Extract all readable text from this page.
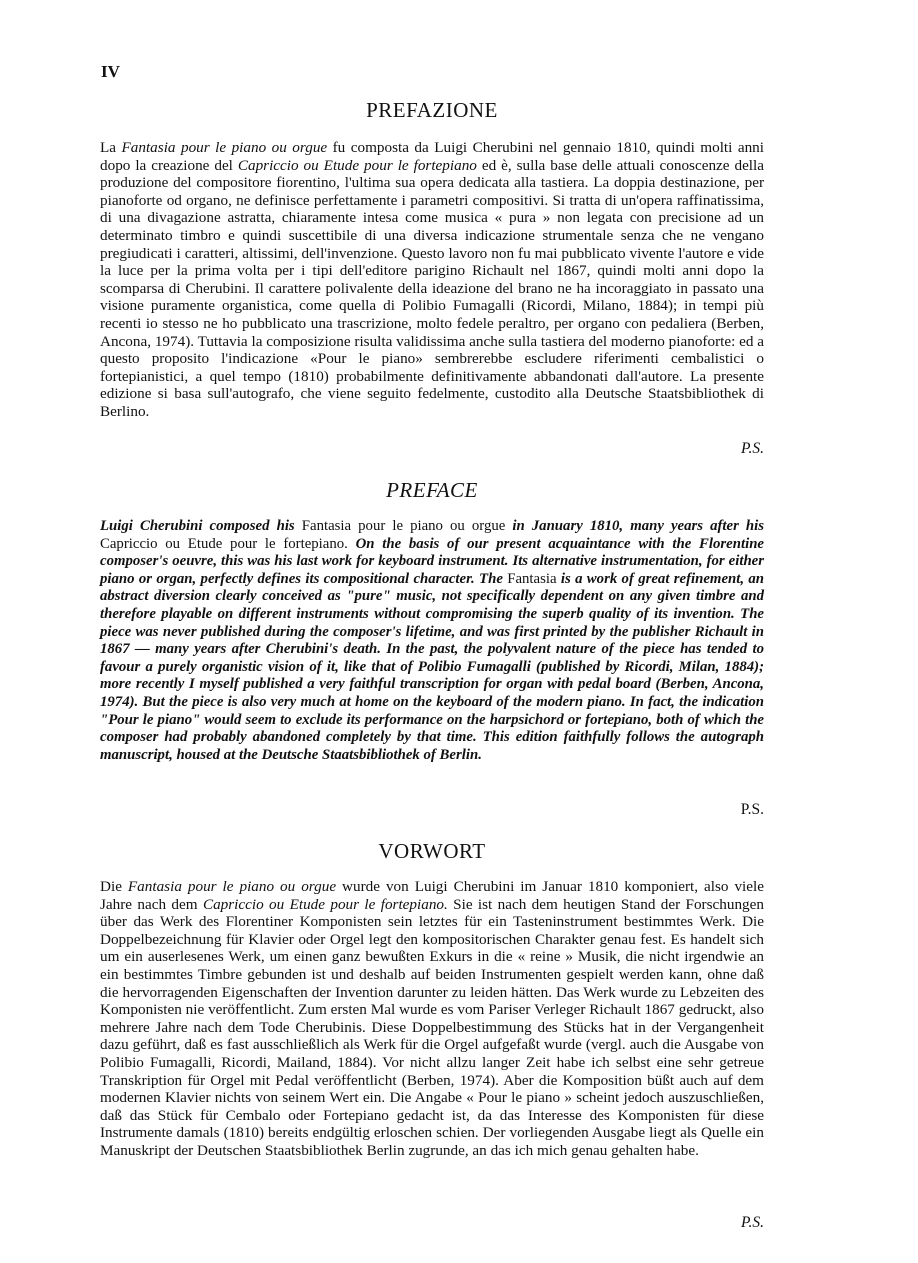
IV
PREFAZIONE

La Fantasia pour le piano ou orgue fu composta da Luigi Cherubini nel gennaio 1810, quindi molti anni dopo la creazione del Capriccio ou Etude pour le fortepiano ed è, sulla base delle attuali conoscenze della produzione del compositore fiorentino, l'ultima sua opera dedicata alla tastiera. La doppia destinazione, per pianoforte od organo, ne definisce perfettamente i parametri compositivi. Si tratta di un'opera raffinatissima, di una divagazione astratta, chiaramente intesa come musica « pura » non legata con precisione ad un determinato timbro e quindi suscettibile di una diversa indicazione strumentale senza che ne vengano pregiudicati i caratteri, altissimi, dell'invenzione. Questo lavoro non fu mai pubblicato vivente l'autore e vide la luce per la prima volta per i tipi dell'editore parigino Richault nel 1867, quindi molti anni dopo la scomparsa di Cherubini. Il carattere polivalente della ideazione del brano ne ha incoraggiato in passato una visione puramente organistica, come quella di Polibio Fumagalli (Ricordi, Milano, 1884); in tempi più recenti io stesso ne ho pubblicato una trascrizione, molto fedele peraltro, per organo con pedaliera (Berben, Ancona, 1974). Tuttavia la composizione risulta validissima anche sulla tastiera del moderno pianoforte: ed a questo proposito l'indicazione «Pour le piano» sembrerebbe escludere riferimenti cembalistici o fortepianistici, a quel tempo (1810) probabilmente definitivamente abbandonati dall'autore. La presente edizione si basa sull'autografo, che viene seguito fedelmente, custodito alla Deutsche Staatsbibliothek di Berlino.

P.S.
PREFACE

Luigi Cherubini composed his Fantasia pour le piano ou orgue in January 1810, many years after his Capriccio ou Etude pour le fortepiano. On the basis of our present acquaintance with the Florentine composer's oeuvre, this was his last work for keyboard instrument. Its alternative instrumentation, for either piano or organ, perfectly defines its compositional character. The Fantasia is a work of great refinement, an abstract diversion clearly conceived as "pure" music, not specifically dependent on any given timbre and therefore playable on different instruments without compromising the superb quality of its invention. The piece was never published during the composer's lifetime, and was first printed by the publisher Richault in 1867 — many years after Cherubini's death. In the past, the polyvalent nature of the piece has tended to favour a purely organistic vision of it, like that of Polibio Fumagalli (published by Ricordi, Milan, 1884); more recently I myself published a very faithful transcription for organ with pedal board (Berben, Ancona, 1974). But the piece is also very much at home on the keyboard of the modern piano. In fact, the indication "Pour le piano" would seem to exclude its performance on the harpsichord or fortepiano, both of which the composer had probably abandoned completely by that time. This edition faithfully follows the autograph manuscript, housed at the Deutsche Staatsbibliothek of Berlin.

P.S.
VORWORT

Die Fantasia pour le piano ou orgue wurde von Luigi Cherubini im Januar 1810 komponiert, also viele Jahre nach dem Capriccio ou Etude pour le fortepiano. Sie ist nach dem heutigen Stand der Forschungen über das Werk des Florentiner Komponisten sein letztes für ein Tasteninstrument bestimmtes Werk. Die Doppelbezeichnung für Klavier oder Orgel legt den kompositorischen Charakter genau fest. Es handelt sich um ein auserlesenes Werk, um einen ganz bewußten Exkurs in die « reine » Musik, die nicht irgendwie an ein bestimmtes Timbre gebunden ist und deshalb auf beiden Instrumenten gespielt werden kann, ohne daß die hervorragenden Eigenschaften der Invention darunter zu leiden hätten. Das Werk wurde zu Lebzeiten des Komponisten nie veröffentlicht. Zum ersten Mal wurde es vom Pariser Verleger Richault 1867 gedruckt, also mehrere Jahre nach dem Tode Cherubinis. Diese Doppelbestimmung des Stücks hat in der Vergangenheit dazu geführt, daß es fast ausschließlich als Werk für die Orgel aufgefaßt wurde (vergl. auch die Ausgabe von Polibio Fumagalli, Ricordi, Mailand, 1884). Vor nicht allzu langer Zeit habe ich selbst eine sehr getreue Transkription für Orgel mit Pedal veröffentlicht (Berben, 1974). Aber die Komposition büßt auch auf dem modernen Klavier nichts von seinem Wert ein. Die Angabe « Pour le piano » scheint jedoch auszuschließen, daß das Stück für Cembalo oder Fortepiano gedacht ist, da das Interesse des Komponisten für diese Instrumente damals (1810) bereits endgültig erloschen schien. Der vorliegenden Ausgabe liegt als Quelle ein Manuskript der Deutschen Staatsbibliothek Berlin zugrunde, an das ich mich genau gehalten habe.

P.S.
